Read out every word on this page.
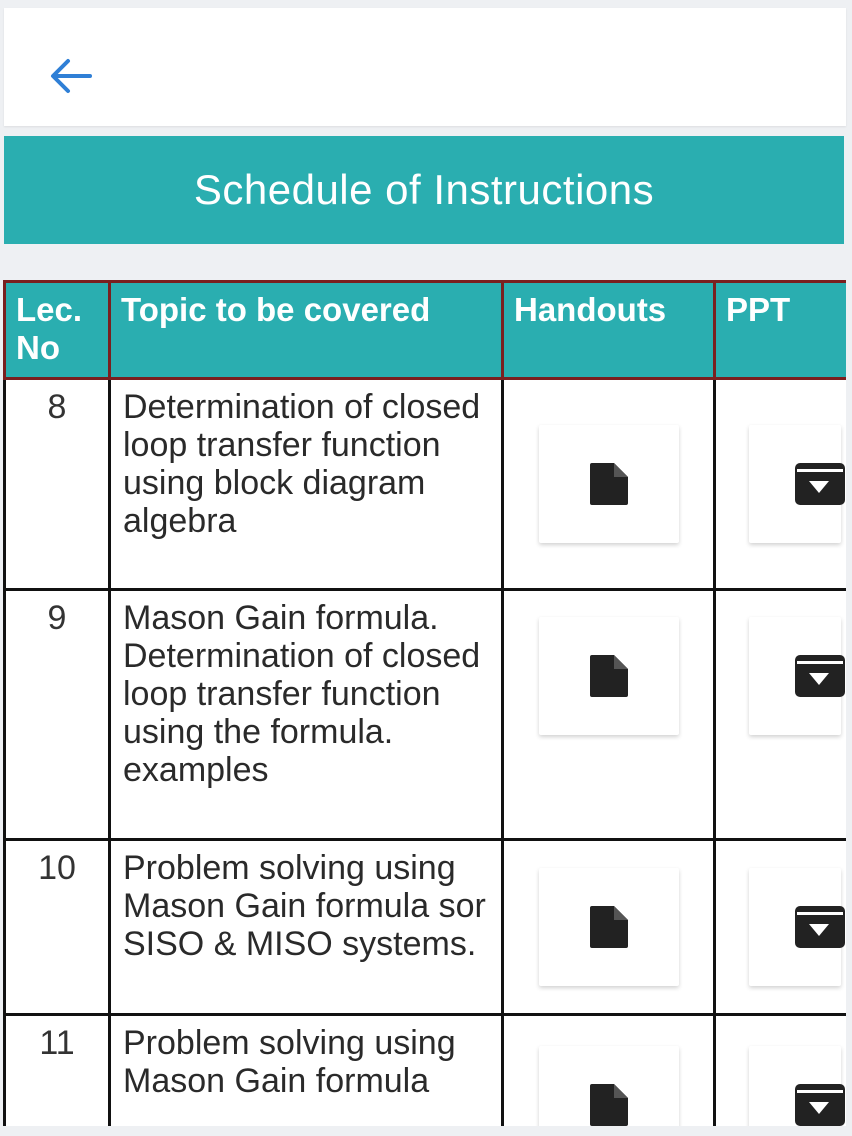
Schedule of Instructions
Lec. No	Topic to be covered	Handouts	PPT
8	Determination of closed loop transfer function using block diagram algebra	

9	Mason Gain formula. Determination of closed loop transfer function using the formula. examples	

10	Problem solving using Mason Gain formula sor SISO & MISO systems.	

11	Problem solving using Mason Gain formula	
